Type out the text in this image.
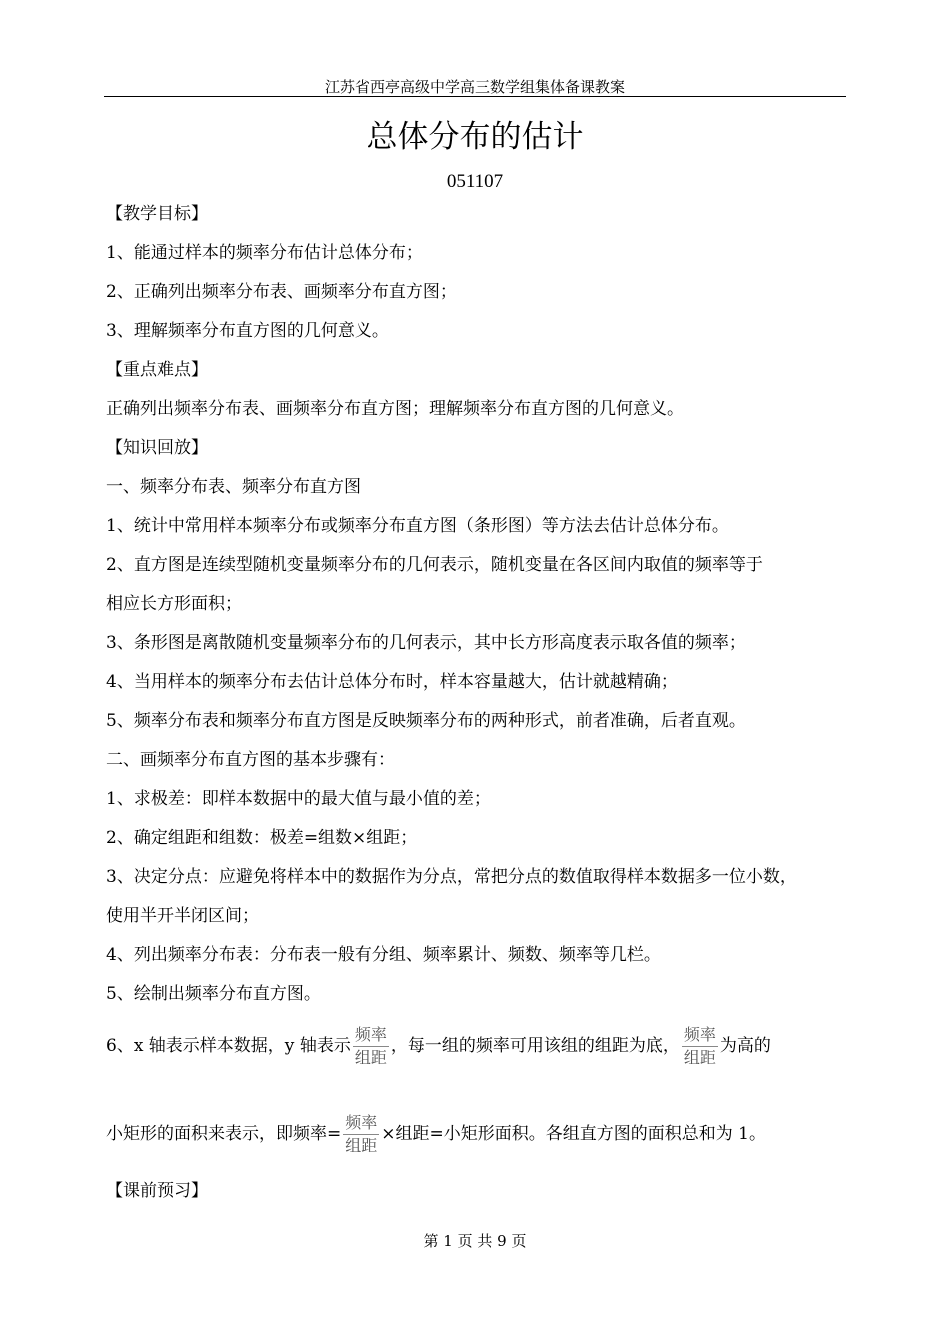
江苏省西亭高级中学高三数学组集体备课教案
总体分布的估计
051107
【教学目标】
1、能通过样本的频率分布估计总体分布；
2、正确列出频率分布表、画频率分布直方图；
3、理解频率分布直方图的几何意义。
【重点难点】
正确列出频率分布表、画频率分布直方图；理解频率分布直方图的几何意义。
【知识回放】
一、频率分布表、频率分布直方图
1、统计中常用样本频率分布或频率分布直方图（条形图）等方法去估计总体分布。
2、直方图是连续型随机变量频率分布的几何表示，随机变量在各区间内取值的频率等于
相应长方形面积；
3、条形图是离散随机变量频率分布的几何表示，其中长方形高度表示取各值的频率；
4、当用样本的频率分布去估计总体分布时，样本容量越大，估计就越精确；
5、频率分布表和频率分布直方图是反映频率分布的两种形式，前者准确，后者直观。
二、画频率分布直方图的基本步骤有：
1、求极差：即样本数据中的最大值与最小值的差；
2、确定组距和组数：极差=组数×组距；
3、决定分点：应避免将样本中的数据作为分点，常把分点的数值取得样本数据多一位小数，
使用半开半闭区间；
4、列出频率分布表：分布表一般有分组、频率累计、频数、频率等几栏。
5、绘制出频率分布直方图。
6、x 轴表示样本数据，y 轴表示 $\frac{\text{频率}}{\text{组距}}$ ，每一组的频率可用该组的组距为底， $\frac{\text{频率}}{\text{组距}}$ 为高的
小矩形的面积来表示，即频率= $\frac{\text{频率}}{\text{组距}}$ ×组距=小矩形面积。各组直方图的面积总和为 1。
【课前预习】
第 1 页 共 9 页
